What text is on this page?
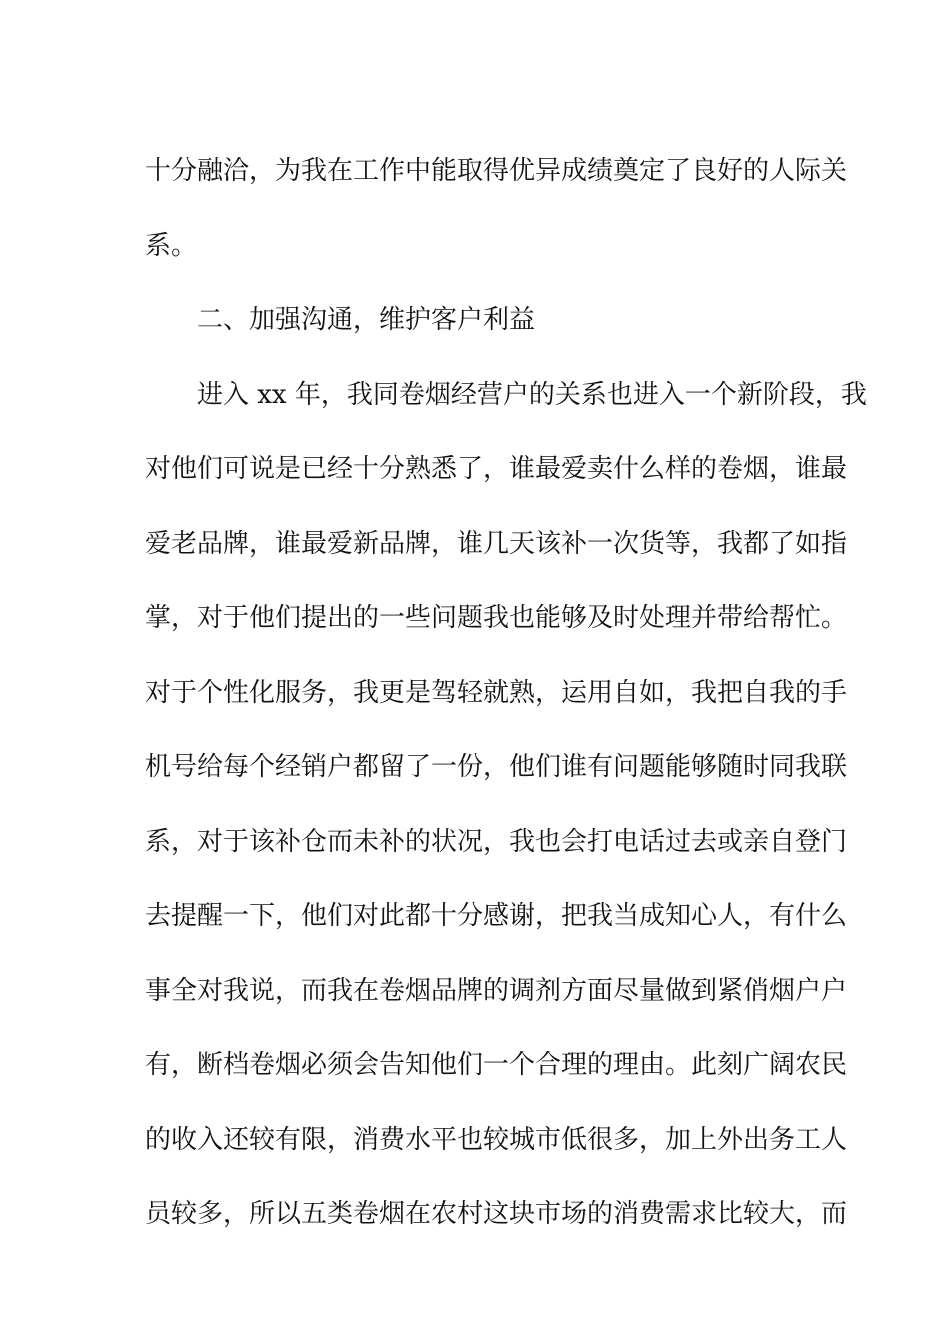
十分融洽，为我在工作中能取得优异成绩奠定了良好的人际关
系。
二、加强沟通，维护客户利益
进入 xx 年，我同卷烟经营户的关系也进入一个新阶段，我
对他们可说是已经十分熟悉了，谁最爱卖什么样的卷烟，谁最
爱老品牌，谁最爱新品牌，谁几天该补一次货等，我都了如指
掌，对于他们提出的一些问题我也能够及时处理并带给帮忙。
对于个性化服务，我更是驾轻就熟，运用自如，我把自我的手
机号给每个经销户都留了一份，他们谁有问题能够随时同我联
系，对于该补仓而未补的状况，我也会打电话过去或亲自登门
去提醒一下，他们对此都十分感谢，把我当成知心人，有什么
事全对我说，而我在卷烟品牌的调剂方面尽量做到紧俏烟户户
有，断档卷烟必须会告知他们一个合理的理由。此刻广阔农民
的收入还较有限，消费水平也较城市低很多，加上外出务工人
员较多，所以五类卷烟在农村这块市场的消费需求比较大，而
